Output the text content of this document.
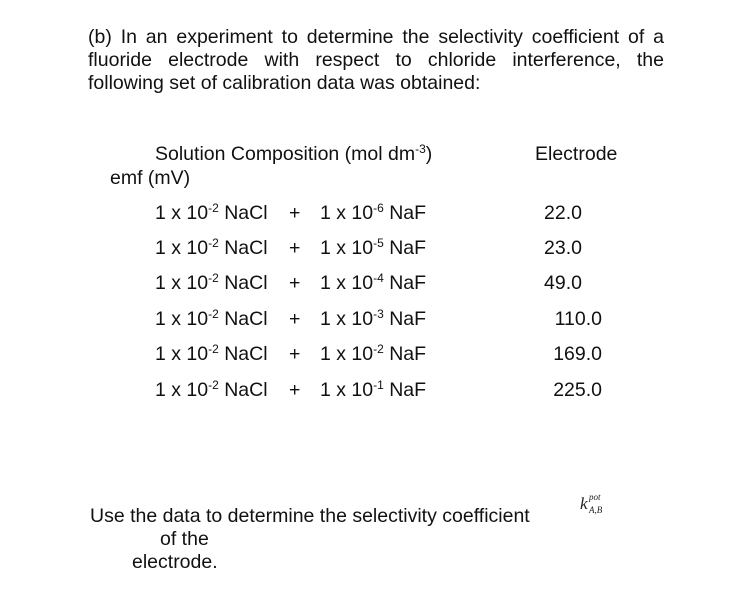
(b) In an experiment to determine the selectivity coefficient of a fluoride electrode with respect to chloride interference, the following set of calibration data was obtained:
Solution Composition (mol $dm^{-3}$)	Electrode
emf (mV)
1 x $10^{-2}$ NaCl + 1 x $10^{-6}$ NaF	22.0
1 x $10^{-2}$ NaCl + 1 x $10^{-5}$ NaF	23.0
1 x $10^{-2}$ NaCl + 1 x $10^{-4}$ NaF	49.0
1 x $10^{-2}$ NaCl + 1 x $10^{-3}$ NaF	110.0
1 x $10^{-2}$ NaCl + 1 x $10^{-2}$ NaF	169.0
1 x $10^{-2}$ NaCl + 1 x $10^{-1}$ NaF	225.0
Use the data to determine the selectivity coefficient
of the
electrode.
k pot
A,B
